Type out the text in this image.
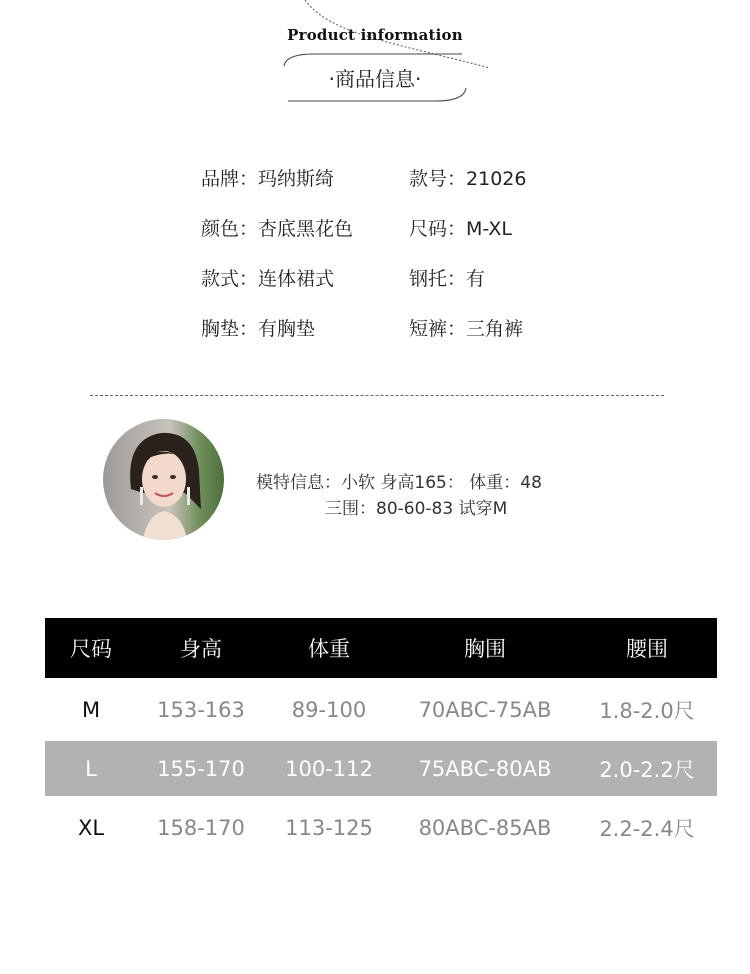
Product information
·商品信息·
品牌：玛纳斯绮	款号：21026
颜色：杏底黑花色	尺码：M-XL
款式：连体裙式	钢托：有
胸垫：有胸垫	短裤：三角裤
模特信息：小软 身高165： 体重：48
三围：80-60-83 试穿M
尺码	身高	体重	胸围	腰围
M	153-163	89-100	70ABC-75AB	1.8-2.0尺
L	155-170	100-112	75ABC-80AB	2.0-2.2尺
XL	158-170	113-125	80ABC-85AB	2.2-2.4尺
